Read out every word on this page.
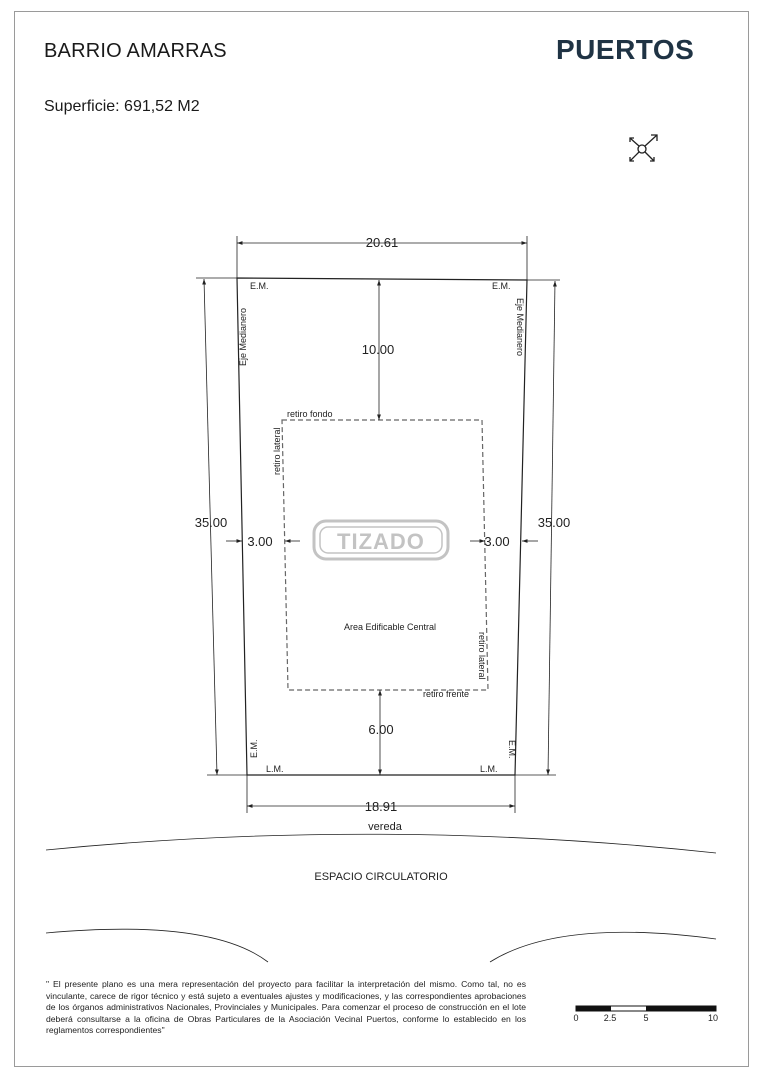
BARRIO AMARRAS
Superficie: 691,52 M2
PUERTOS
20.61
18.91
35.00	35.00
10.00
6.00
3.00	3.00
E.M.	E.M.
L.M.	L.M.
E.M.	E.M.
Eje Medianero	Eje Medianero
retiro fondo
retiro lateral
retiro lateral
retiro frente
Area Edificable Central
TIZADO
vereda
ESPACIO CIRCULATORIO
0	2.5	5	10
" El presente plano es una mera representación del proyecto para facilitar la interpretación del mismo. Como tal, no es vinculante, carece de rigor técnico y está sujeto a eventuales ajustes y modificaciones, y las correspondientes aprobaciones de los órganos administrativos Nacionales, Provinciales y Municipales. Para comenzar el proceso de construcción en el lote deberá consultarse a la oficina de Obras Particulares de la Asociación Vecinal Puertos, conforme lo establecido en los reglamentos correspondientes"
